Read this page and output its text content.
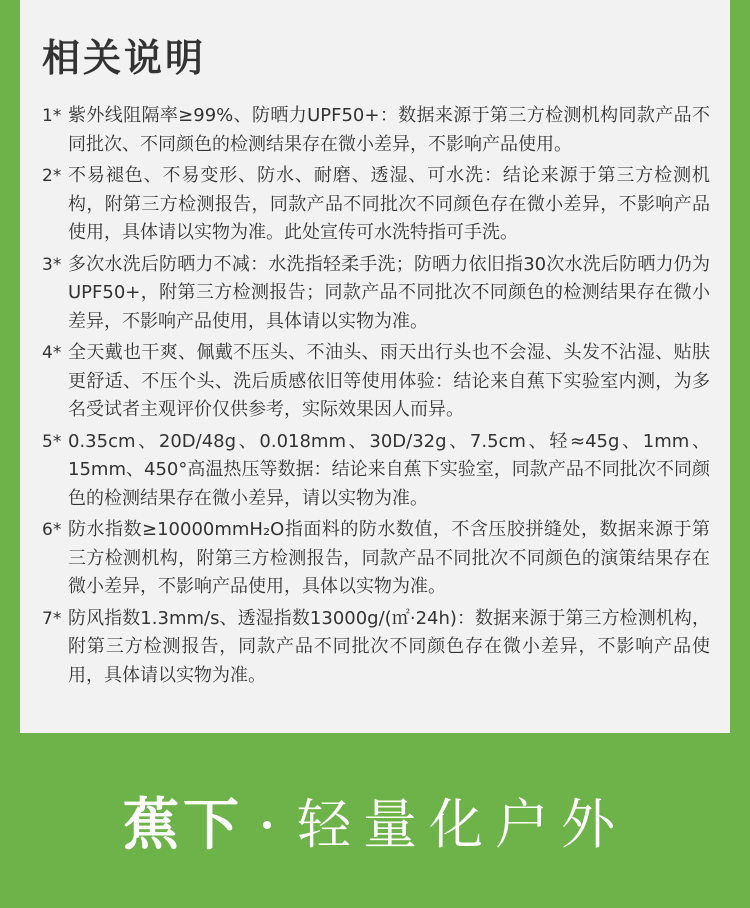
相关说明
1* 紫外线阻隔率≥99%、防晒力UPF50+：数据来源于第三方检测机构同款产品不同批次、不同颜色的检测结果存在微小差异，不影响产品使用。
2* 不易褪色、不易变形、防水、耐磨、透湿、可水洗：结论来源于第三方检测机构，附第三方检测报告，同款产品不同批次不同颜色存在微小差异，不影响产品使用，具体请以实物为准。此处宣传可水洗特指可手洗。
3* 多次水洗后防晒力不减：水洗指轻柔手洗；防晒力依旧指30次水洗后防晒力仍为UPF50+，附第三方检测报告；同款产品不同批次不同颜色的检测结果存在微小差异，不影响产品使用，具体请以实物为准。
4* 全天戴也干爽、佩戴不压头、不油头、雨天出行头也不会湿、头发不沾湿、贴肤更舒适、不压个头、洗后质感依旧等使用体验：结论来自蕉下实验室内测，为多名受试者主观评价仅供参考，实际效果因人而异。
5* 0.35cm、20D/48g、0.018mm、30D/32g、7.5cm、轻≈45g、1mm、15mm、450°高温热压等数据：结论来自蕉下实验室，同款产品不同批次不同颜色的检测结果存在微小差异，请以实物为准。
6* 防水指数≥10000mmH₂O指面料的防水数值，不含压胶拼缝处，数据来源于第三方检测机构，附第三方检测报告，同款产品不同批次不同颜色的演策结果存在微小差异，不影响产品使用，具体以实物为准。
7* 防风指数1.3mm/s、透湿指数13000g/(㎡·24h)：数据来源于第三方检测机构，附第三方检测报告，同款产品不同批次不同颜色存在微小差异，不影响产品使用，具体请以实物为准。
蕉下 轻量化户外
